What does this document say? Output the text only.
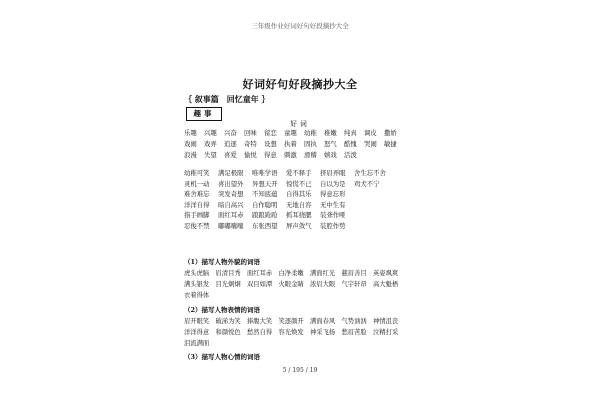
三年级作业好词好句好段摘抄大全
好词好句好段摘抄大全
｛ 叙事篇　回忆童年 ｝
趣事
好词
乐趣	兴趣	兴奋	回味	留恋	童趣	幼稚	稚嫩	纯真	调皮	撒娇
戏闹	戏弄	追逐	奇特	设想	执着	固执	怒气	酷愧	哭闹	敏捷
浪漫	失望	喜爱	愉悦	得意	刺激	滑稽	嬉戏	活泼
幼稚可笑	满足极限	唯唯学语	爱不释手	挤眉弄眼	舍生忘不舍
灵机一动	喜出望外	异想天开	惊慌不已	自以为是	鸡犬不宁
难舍难忘	突发奇想	不知底蕴	自得其乐	得意忘形
洋洋自得	暗自高兴	自作聪明	无地自容	无中生有
指手画脚	面红耳赤	踉踉跄跄	抓耳挠腮	装聋作哑
忍俊不禁	嘟嘟囔囔	东张西望	屏声敛气	装腔作势
（1）描写人物外貌的词语
虎头虎脑	眉清目秀	面红耳赤	白净柔嫩	满面红光	慈眉善目	英姿飒爽
满头银发	目光炯炯	双目如潭	火眼金睛	浓眉大眼	气宇轩昂	高大魁梧
衣着得体
（2）描写人物表情的词语
眉开眼笑	破涕为笑	捧腹大笑	笑逐颜开	满面春风	气势汹汹	神情沮丧
洋洋得意	和颜悦色	愁然自得	容光焕发	神采飞扬	愁眉苦脸	泣精打采
泪流满面
（3）描写人物心情的词语
5 / 195 / 19
